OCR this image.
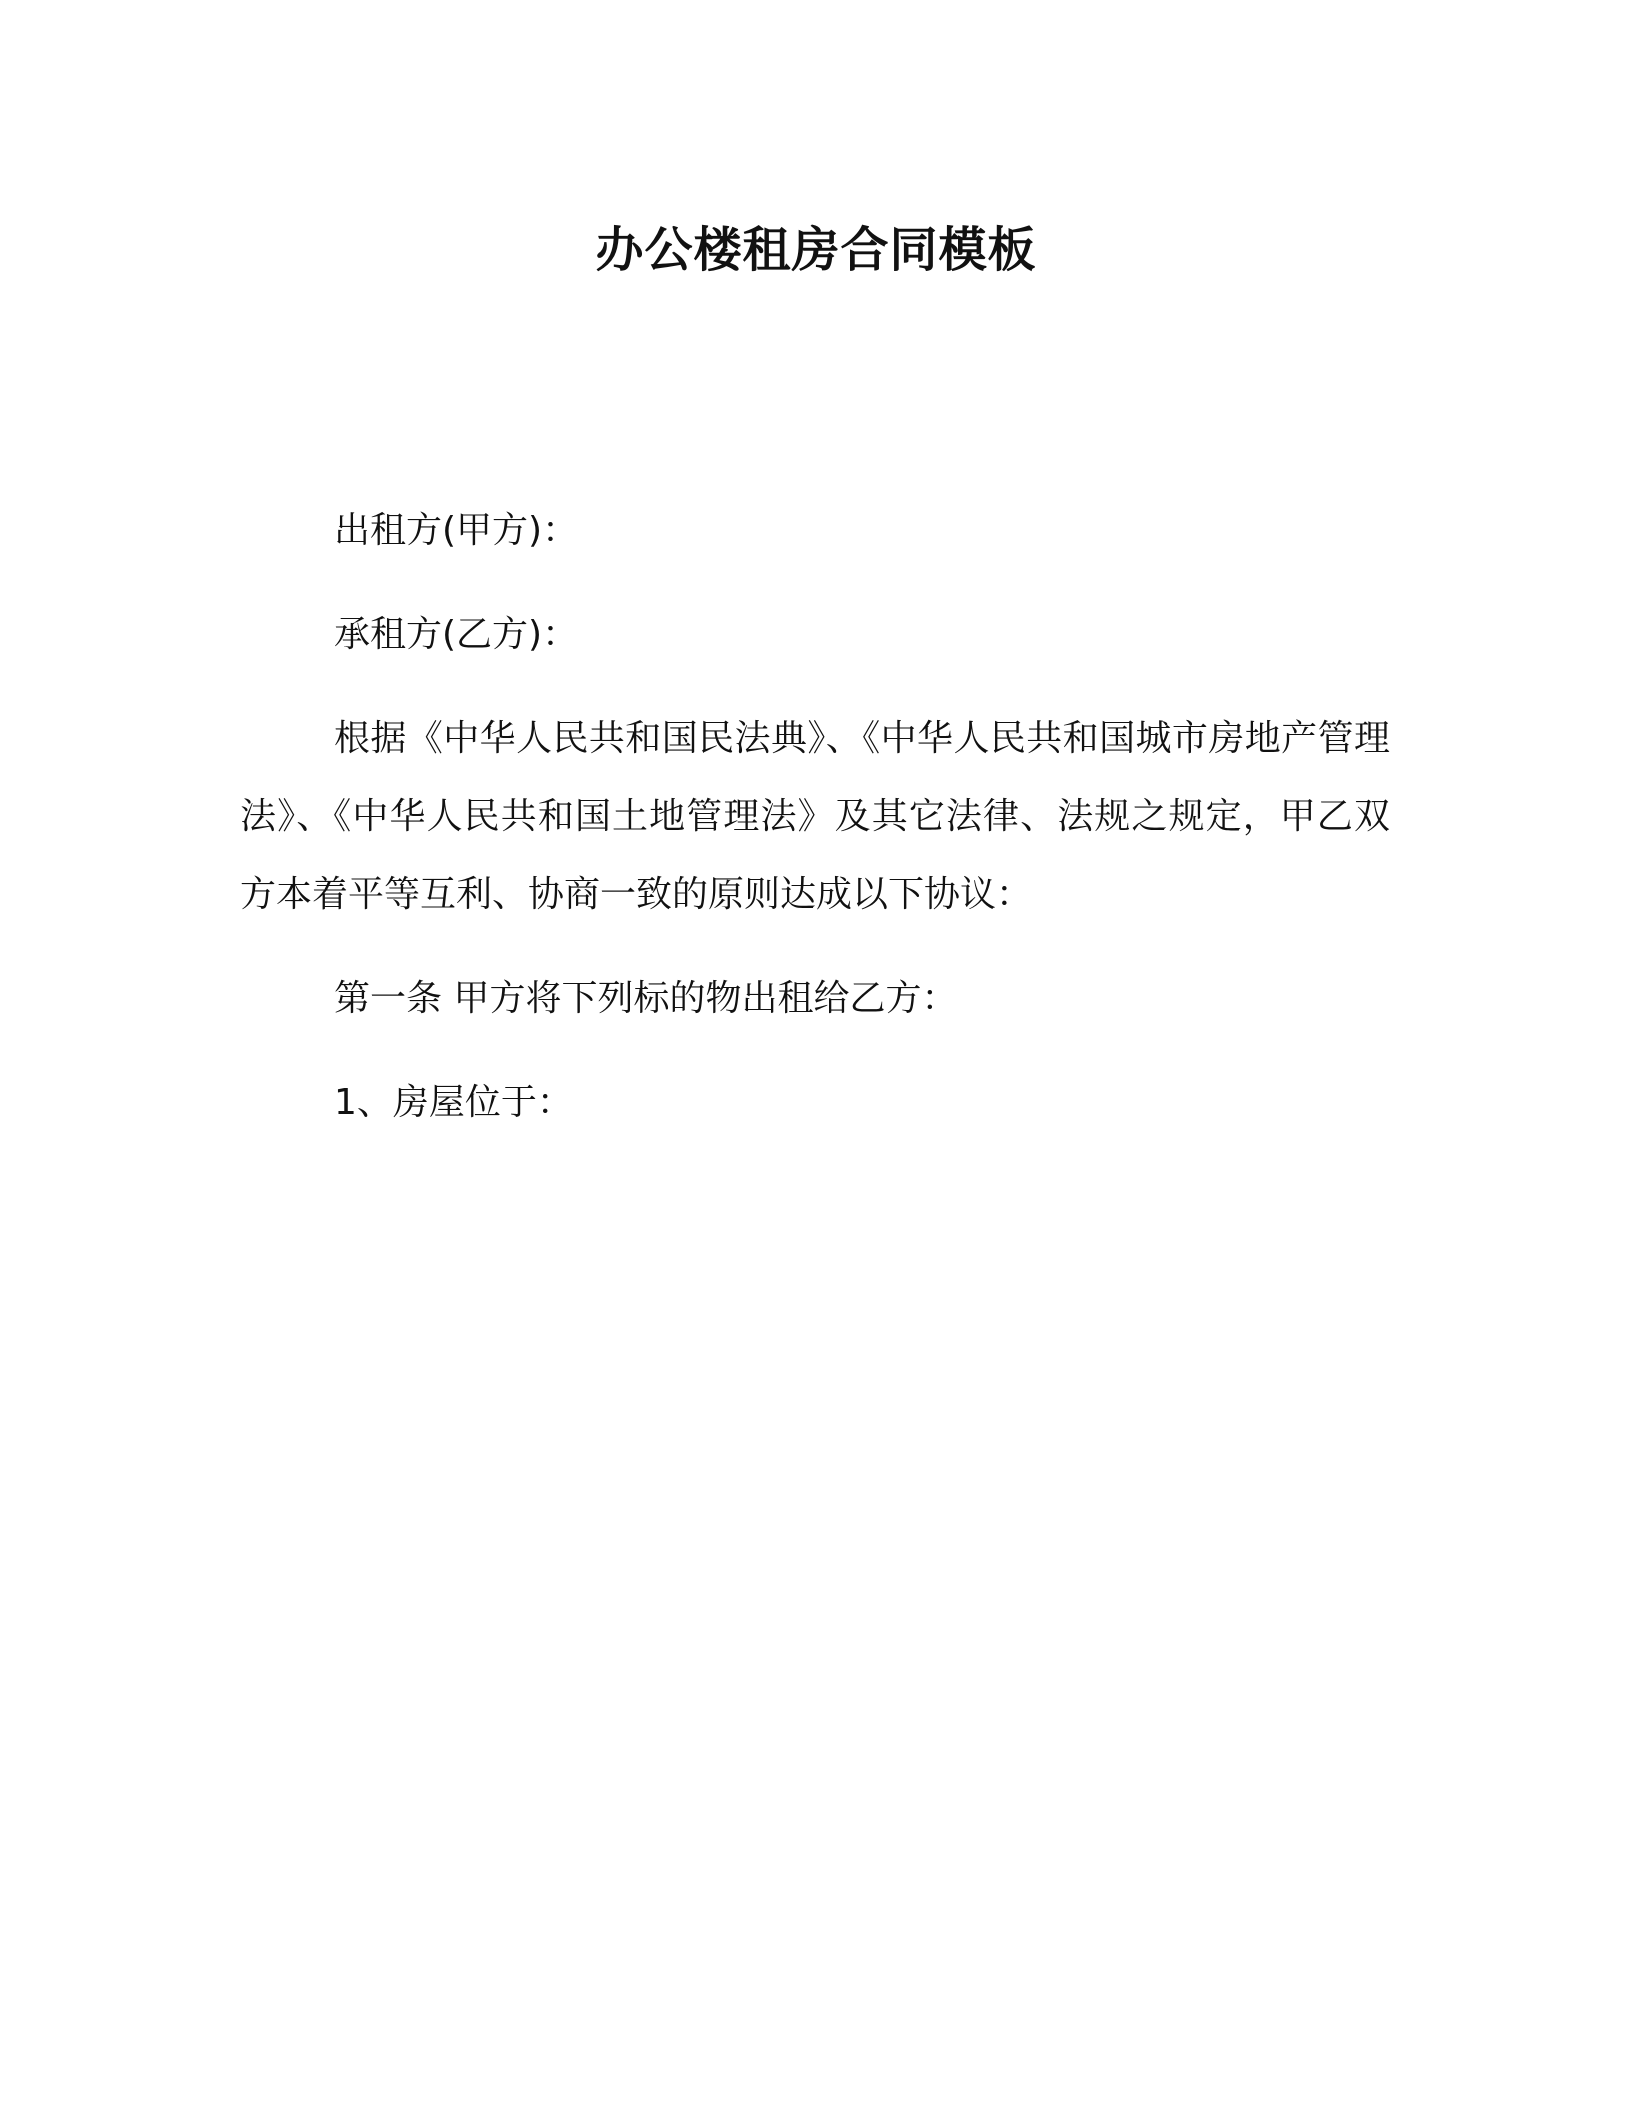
办公楼租房合同模板

出租方(甲方)：

承租方(乙方)：

根据《中华人民共和国民法典》、《中华人民共和国城市房地产管理法》、《中华人民共和国土地管理法》及其它法律、法规之规定，甲乙双方本着平等互利、协商一致的原则达成以下协议：

第一条 甲方将下列标的物出租给乙方：

1、房屋位于：
